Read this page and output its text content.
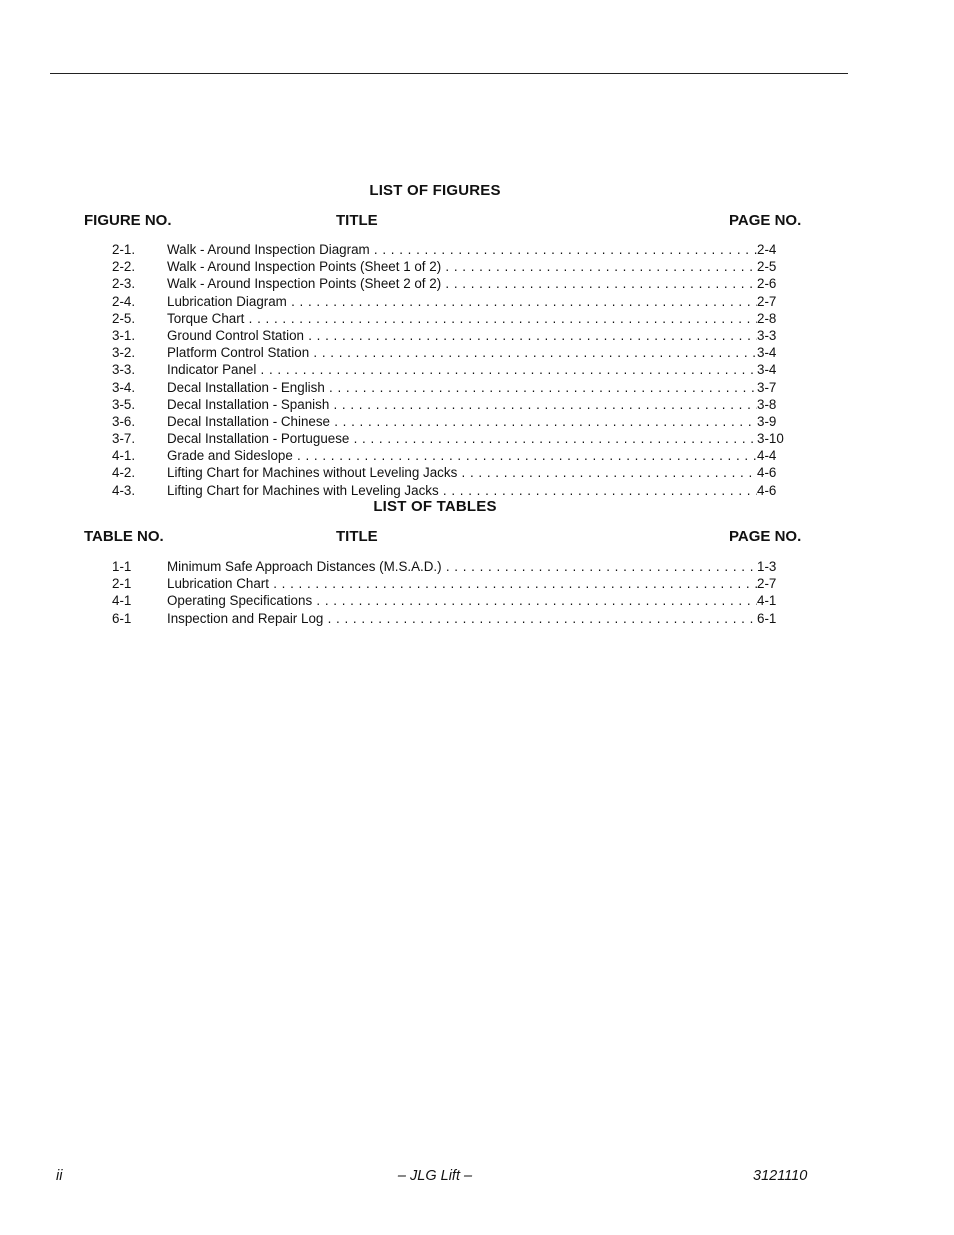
LIST OF FIGURES
FIGURE NO.	TITLE	PAGE NO.
2-1. Walk - Around Inspection Diagram . . .	2-4
2-2. Walk - Around Inspection Points (Sheet 1 of 2) . . .	2-5
2-3. Walk - Around Inspection Points (Sheet 2 of 2) . . .	2-6
2-4. Lubrication Diagram . . .	2-7
2-5. Torque Chart . . .	2-8
3-1. Ground Control Station . . .	3-3
3-2. Platform Control Station . . .	3-4
3-3. Indicator Panel . . .	3-4
3-4. Decal Installation - English . . .	3-7
3-5. Decal Installation - Spanish . . .	3-8
3-6. Decal Installation - Chinese . . .	3-9
3-7. Decal Installation - Portuguese . . .	3-10
4-1. Grade and Sideslope . . .	4-4
4-2. Lifting Chart for Machines without Leveling Jacks . . .	4-6
4-3. Lifting Chart for Machines with Leveling Jacks . . .	4-6
LIST OF TABLES
TABLE NO.	TITLE	PAGE NO.
1-1	Minimum Safe Approach Distances (M.S.A.D.) . . .	1-3
2-1	Lubrication Chart . . .	2-7
4-1	Operating Specifications . . .	4-1
6-1	Inspection and Repair Log . . .	6-1
ii	– JLG Lift –	3121110
